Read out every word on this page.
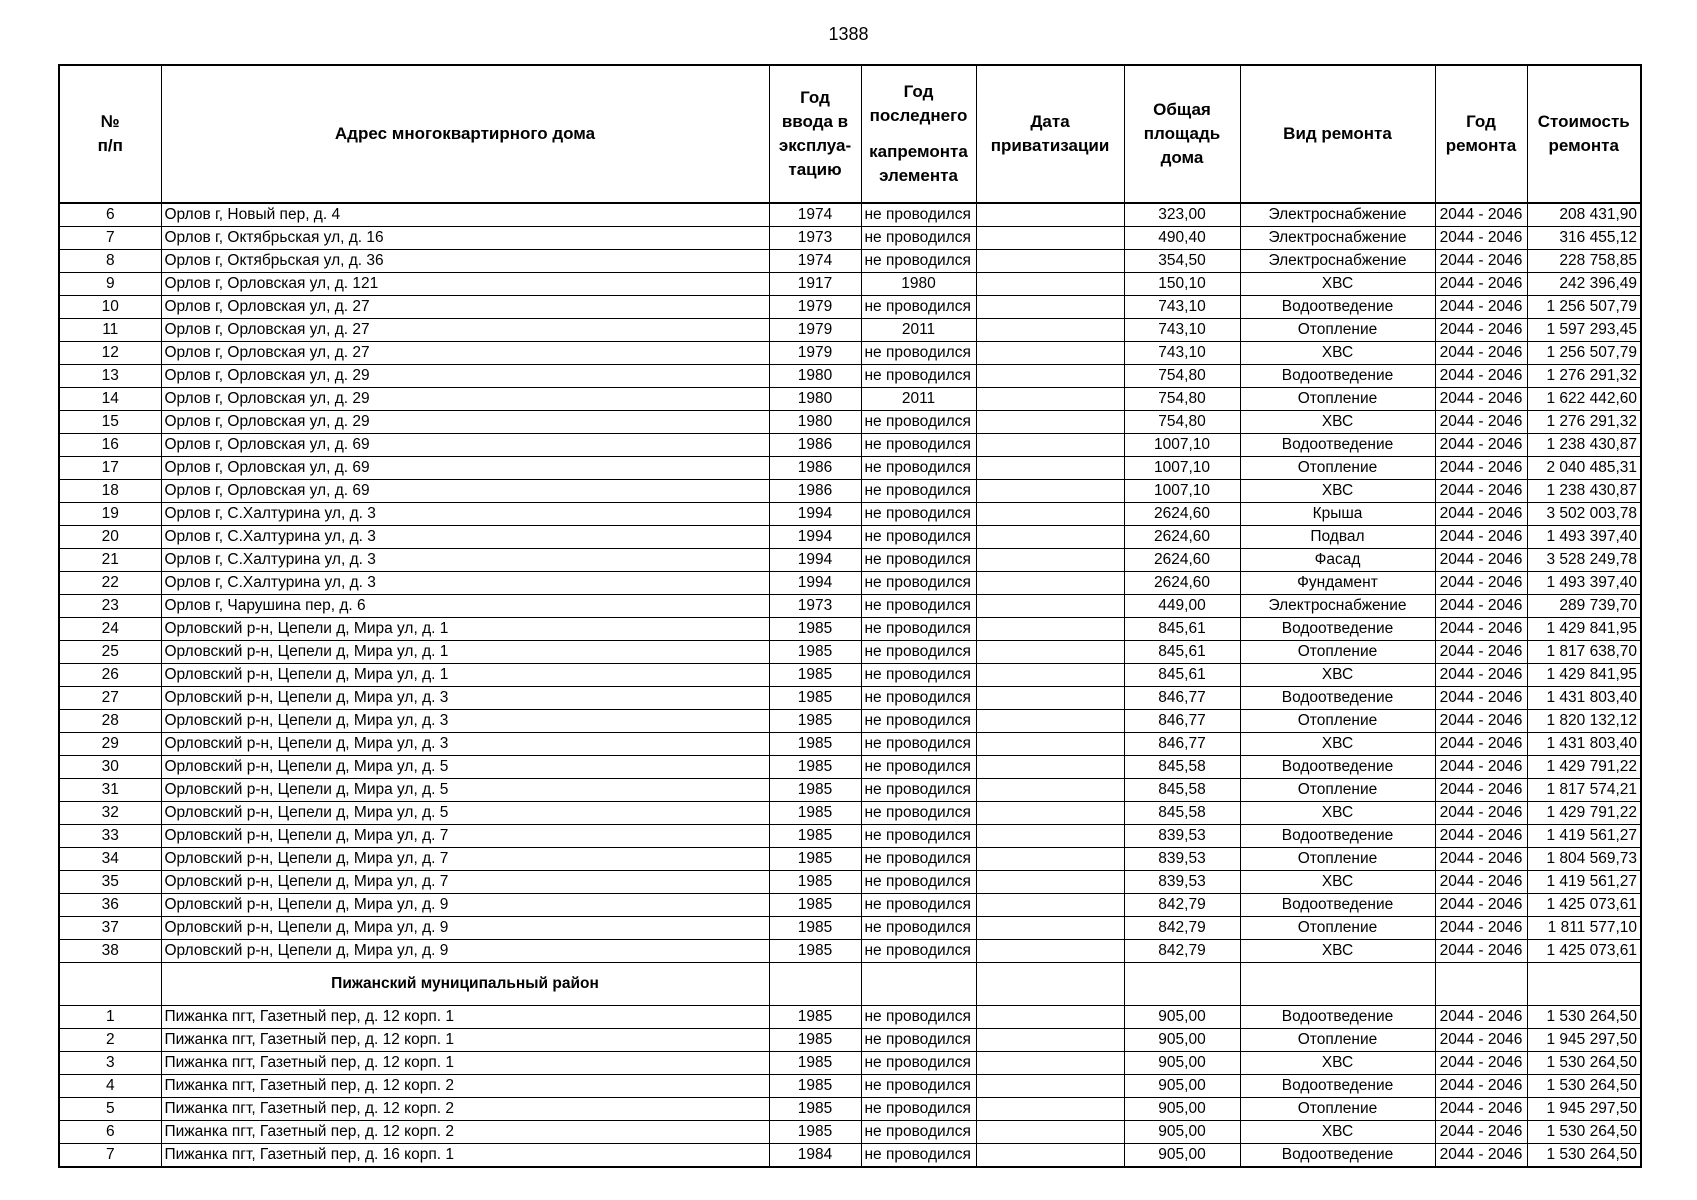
1388
№
п/п	Адрес многоквартирного дома	Год
ввода в
эксплуа-
тацию	Год
последнего
капремонта
элемента	Дата
приватизации	Общая
площадь
дома	Вид ремонта	Год
ремонта	Стоимость
ремонта

6	Орлов г, Новый пер, д. 4	1974	не проводился		323,00	Электроснабжение	2044 - 2046	208 431,90
7	Орлов г, Октябрьская ул, д. 16	1973	не проводился		490,40	Электроснабжение	2044 - 2046	316 455,12
8	Орлов г, Октябрьская ул, д. 36	1974	не проводился		354,50	Электроснабжение	2044 - 2046	228 758,85
9	Орлов г, Орловская ул, д. 121	1917	1980		150,10	ХВС	2044 - 2046	242 396,49
10	Орлов г, Орловская ул, д. 27	1979	не проводился		743,10	Водоотведение	2044 - 2046	1 256 507,79
11	Орлов г, Орловская ул, д. 27	1979	2011		743,10	Отопление	2044 - 2046	1 597 293,45
12	Орлов г, Орловская ул, д. 27	1979	не проводился		743,10	ХВС	2044 - 2046	1 256 507,79
13	Орлов г, Орловская ул, д. 29	1980	не проводился		754,80	Водоотведение	2044 - 2046	1 276 291,32
14	Орлов г, Орловская ул, д. 29	1980	2011		754,80	Отопление	2044 - 2046	1 622 442,60
15	Орлов г, Орловская ул, д. 29	1980	не проводился		754,80	ХВС	2044 - 2046	1 276 291,32
16	Орлов г, Орловская ул, д. 69	1986	не проводился		1007,10	Водоотведение	2044 - 2046	1 238 430,87
17	Орлов г, Орловская ул, д. 69	1986	не проводился		1007,10	Отопление	2044 - 2046	2 040 485,31
18	Орлов г, Орловская ул, д. 69	1986	не проводился		1007,10	ХВС	2044 - 2046	1 238 430,87
19	Орлов г, С.Халтурина ул, д. 3	1994	не проводился		2624,60	Крыша	2044 - 2046	3 502 003,78
20	Орлов г, С.Халтурина ул, д. 3	1994	не проводился		2624,60	Подвал	2044 - 2046	1 493 397,40
21	Орлов г, С.Халтурина ул, д. 3	1994	не проводился		2624,60	Фасад	2044 - 2046	3 528 249,78
22	Орлов г, С.Халтурина ул, д. 3	1994	не проводился		2624,60	Фундамент	2044 - 2046	1 493 397,40
23	Орлов г, Чарушина пер, д. 6	1973	не проводился		449,00	Электроснабжение	2044 - 2046	289 739,70
24	Орловский р-н, Цепели д, Мира ул, д. 1	1985	не проводился		845,61	Водоотведение	2044 - 2046	1 429 841,95
25	Орловский р-н, Цепели д, Мира ул, д. 1	1985	не проводился		845,61	Отопление	2044 - 2046	1 817 638,70
26	Орловский р-н, Цепели д, Мира ул, д. 1	1985	не проводился		845,61	ХВС	2044 - 2046	1 429 841,95
27	Орловский р-н, Цепели д, Мира ул, д. 3	1985	не проводился		846,77	Водоотведение	2044 - 2046	1 431 803,40
28	Орловский р-н, Цепели д, Мира ул, д. 3	1985	не проводился		846,77	Отопление	2044 - 2046	1 820 132,12
29	Орловский р-н, Цепели д, Мира ул, д. 3	1985	не проводился		846,77	ХВС	2044 - 2046	1 431 803,40
30	Орловский р-н, Цепели д, Мира ул, д. 5	1985	не проводился		845,58	Водоотведение	2044 - 2046	1 429 791,22
31	Орловский р-н, Цепели д, Мира ул, д. 5	1985	не проводился		845,58	Отопление	2044 - 2046	1 817 574,21
32	Орловский р-н, Цепели д, Мира ул, д. 5	1985	не проводился		845,58	ХВС	2044 - 2046	1 429 791,22
33	Орловский р-н, Цепели д, Мира ул, д. 7	1985	не проводился		839,53	Водоотведение	2044 - 2046	1 419 561,27
34	Орловский р-н, Цепели д, Мира ул, д. 7	1985	не проводился		839,53	Отопление	2044 - 2046	1 804 569,73
35	Орловский р-н, Цепели д, Мира ул, д. 7	1985	не проводился		839,53	ХВС	2044 - 2046	1 419 561,27
36	Орловский р-н, Цепели д, Мира ул, д. 9	1985	не проводился		842,79	Водоотведение	2044 - 2046	1 425 073,61
37	Орловский р-н, Цепели д, Мира ул, д. 9	1985	не проводился		842,79	Отопление	2044 - 2046	1 811 577,10
38	Орловский р-н, Цепели д, Мира ул, д. 9	1985	не проводился		842,79	ХВС	2044 - 2046	1 425 073,61
	Пижанский муниципальный район							
1	Пижанка пгт, Газетный пер, д. 12 корп. 1	1985	не проводился		905,00	Водоотведение	2044 - 2046	1 530 264,50
2	Пижанка пгт, Газетный пер, д. 12 корп. 1	1985	не проводился		905,00	Отопление	2044 - 2046	1 945 297,50
3	Пижанка пгт, Газетный пер, д. 12 корп. 1	1985	не проводился		905,00	ХВС	2044 - 2046	1 530 264,50
4	Пижанка пгт, Газетный пер, д. 12 корп. 2	1985	не проводился		905,00	Водоотведение	2044 - 2046	1 530 264,50
5	Пижанка пгт, Газетный пер, д. 12 корп. 2	1985	не проводился		905,00	Отопление	2044 - 2046	1 945 297,50
6	Пижанка пгт, Газетный пер, д. 12 корп. 2	1985	не проводился		905,00	ХВС	2044 - 2046	1 530 264,50
7	Пижанка пгт, Газетный пер, д. 16 корп. 1	1984	не проводился		905,00	Водоотведение	2044 - 2046	1 530 264,50
